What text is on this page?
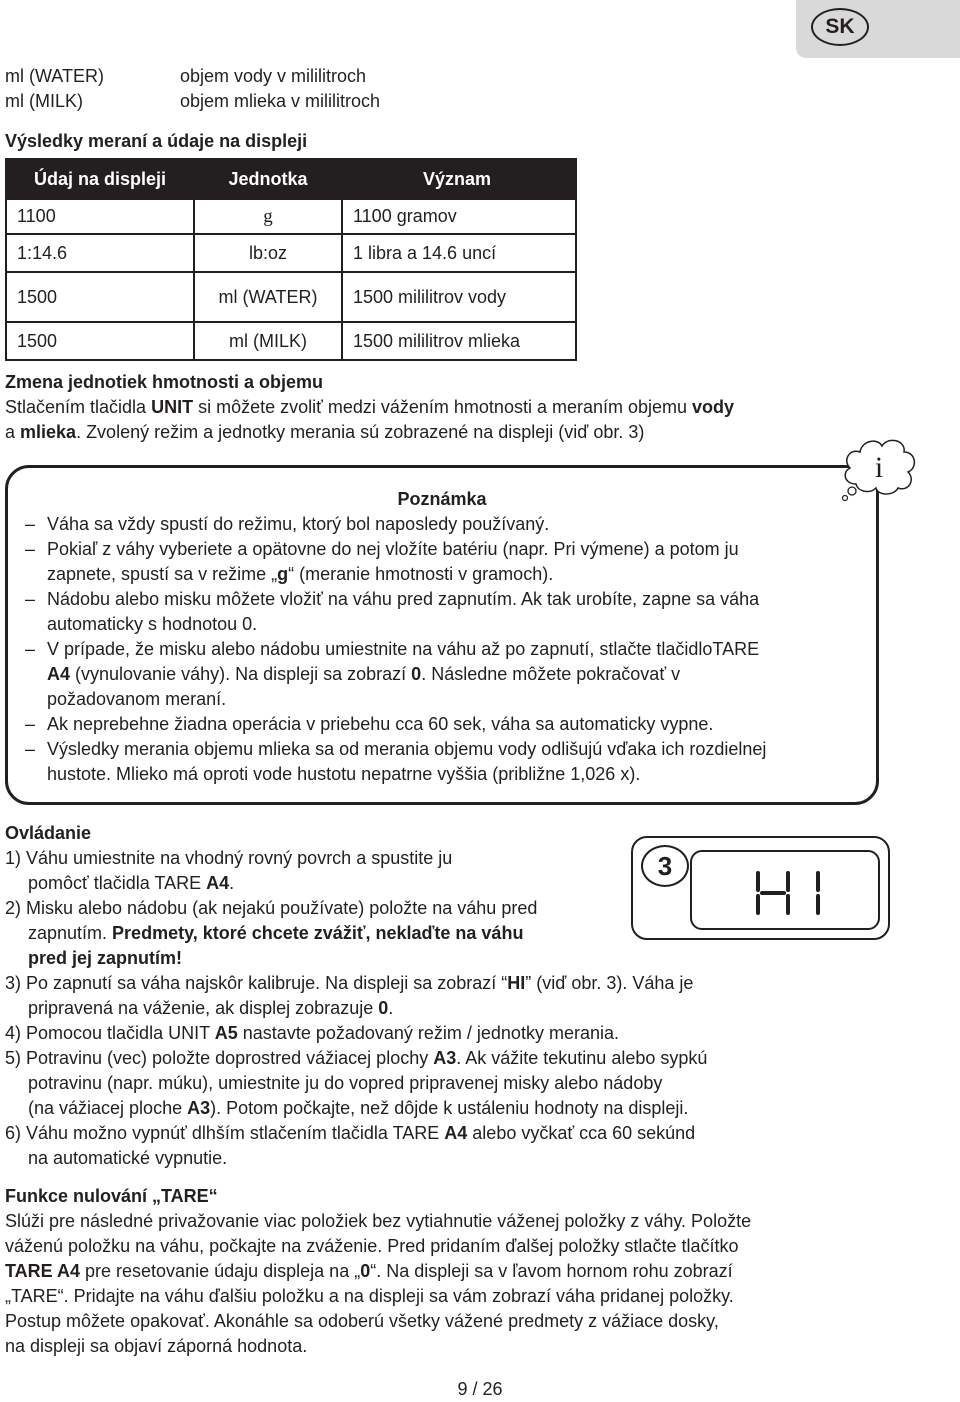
SK
ml (WATER)	objem vody v mililitroch
ml (MILK)	objem mlieka v mililitroch
Výsledky meraní a údaje na displeji
Údaj na displeji	Jednotka	Význam
1100	g	1100 gramov
1:14.6	lb:oz	1 libra a 14.6 uncí
1500	ml (WATER)	1500 mililitrov vody
1500	ml (MILK)	1500 mililitrov mlieka
Zmena jednotiek hmotnosti a objemu
Stlačením tlačidla UNIT si môžete zvoliť medzi vážením hmotnosti a meraním objemu vody
a mlieka. Zvolený režim a jednotky merania sú zobrazené na displeji (viď obr. 3)
Poznámka
– Váha sa vždy spustí do režimu, ktorý bol naposledy používaný.
– Pokiaľ z váhy vyberiete a opätovne do nej vložíte batériu (napr. Pri výmene) a potom ju
zapnete, spustí sa v režime „g“ (meranie hmotnosti v gramoch).
– Nádobu alebo misku môžete vložiť na váhu pred zapnutím. Ak tak urobíte, zapne sa váha
automaticky s hodnotou 0.
– V prípade, že misku alebo nádobu umiestnite na váhu až po zapnutí, stlačte tlačidloTARE
A4 (vynulovanie váhy). Na displeji sa zobrazí 0. Následne môžete pokračovať v
požadovanom meraní.
– Ak neprebehne žiadna operácia v priebehu cca 60 sek, váha sa automaticky vypne.
– Výsledky merania objemu mlieka sa od merania objemu vody odlišujú vďaka ich rozdielnej
hustote. Mlieko má oproti vode hustotu nepatrne vyššia (približne 1,026 x).
i
Ovládanie
1) Váhu umiestnite na vhodný rovný povrch a spustite ju
pomôcť tlačidla TARE A4.
2) Misku alebo nádobu (ak nejakú používate) položte na váhu pred
zapnutím. Predmety, ktoré chcete zvážiť, neklaďte na váhu
pred jej zapnutím!
3) Po zapnutí sa váha najskôr kalibruje. Na displeji sa zobrazí “HI” (viď obr. 3). Váha je
pripravená na váženie, ak displej zobrazuje 0.
4) Pomocou tlačidla UNIT A5 nastavte požadovaný režim / jednotky merania.
5) Potravinu (vec) položte doprostred vážiacej plochy A3. Ak vážite tekutinu alebo sypkú
potravinu (napr. múku), umiestnite ju do vopred pripravenej misky alebo nádoby
(na vážiacej ploche A3). Potom počkajte, než dôjde k ustáleniu hodnoty na displeji.
6) Váhu možno vypnúť dlhším stlačením tlačidla TARE A4 alebo vyčkať cca 60 sekúnd
na automatické vypnutie.
3
Funkce nulování „TARE“
Slúži pre následné privažovanie viac položiek bez vytiahnutie váženej položky z váhy. Položte
váženú položku na váhu, počkajte na zváženie. Pred pridaním ďalšej položky stlačte tlačítko
TARE A4 pre resetovanie údaju displeja na „0“. Na displeji sa v ľavom hornom rohu zobrazí
„TARE“. Pridajte na váhu ďalšiu položku a na displeji sa vám zobrazí váha pridanej položky.
Postup môžete opakovať. Akonáhle sa odoberú všetky vážené predmety z vážiace dosky,
na displeji sa objaví záporná hodnota.
9 / 26
